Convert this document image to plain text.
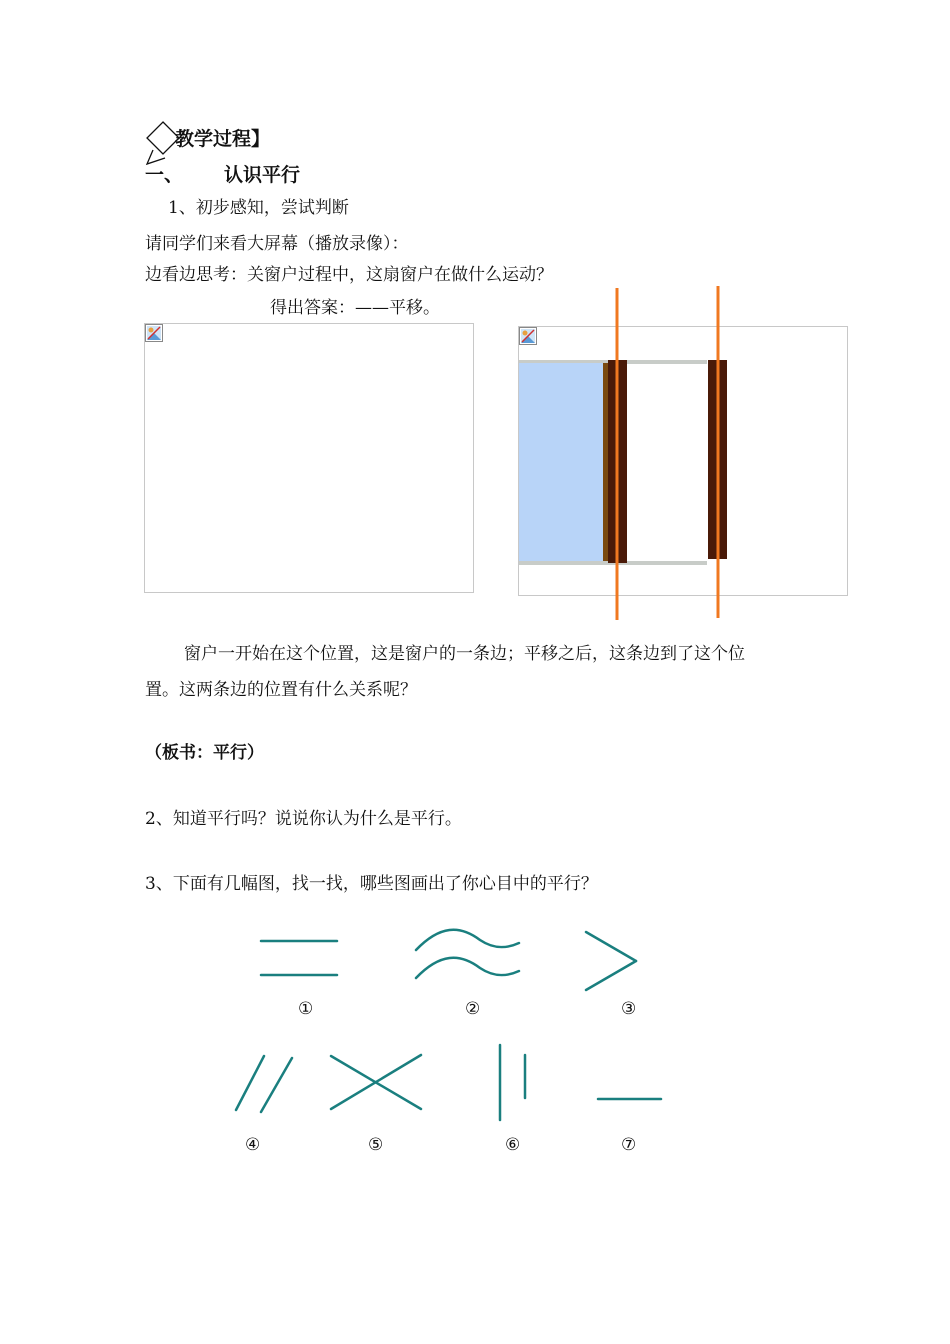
教学过程】
一、 认识平行
1、初步感知，尝试判断
请同学们来看大屏幕（播放录像）：
边看边思考：关窗户过程中，这扇窗户在做什么运动？
得出答案：——平移。
窗户一开始在这个位置，这是窗户的一条边；平移之后，这条边到了这个位
置。这两条边的位置有什么关系呢？
（板书：平行）
2、知道平行吗？说说你认为什么是平行。
3、下面有几幅图，找一找，哪些图画出了你心目中的平行？
①	②	③
④	⑤	⑥	⑦
